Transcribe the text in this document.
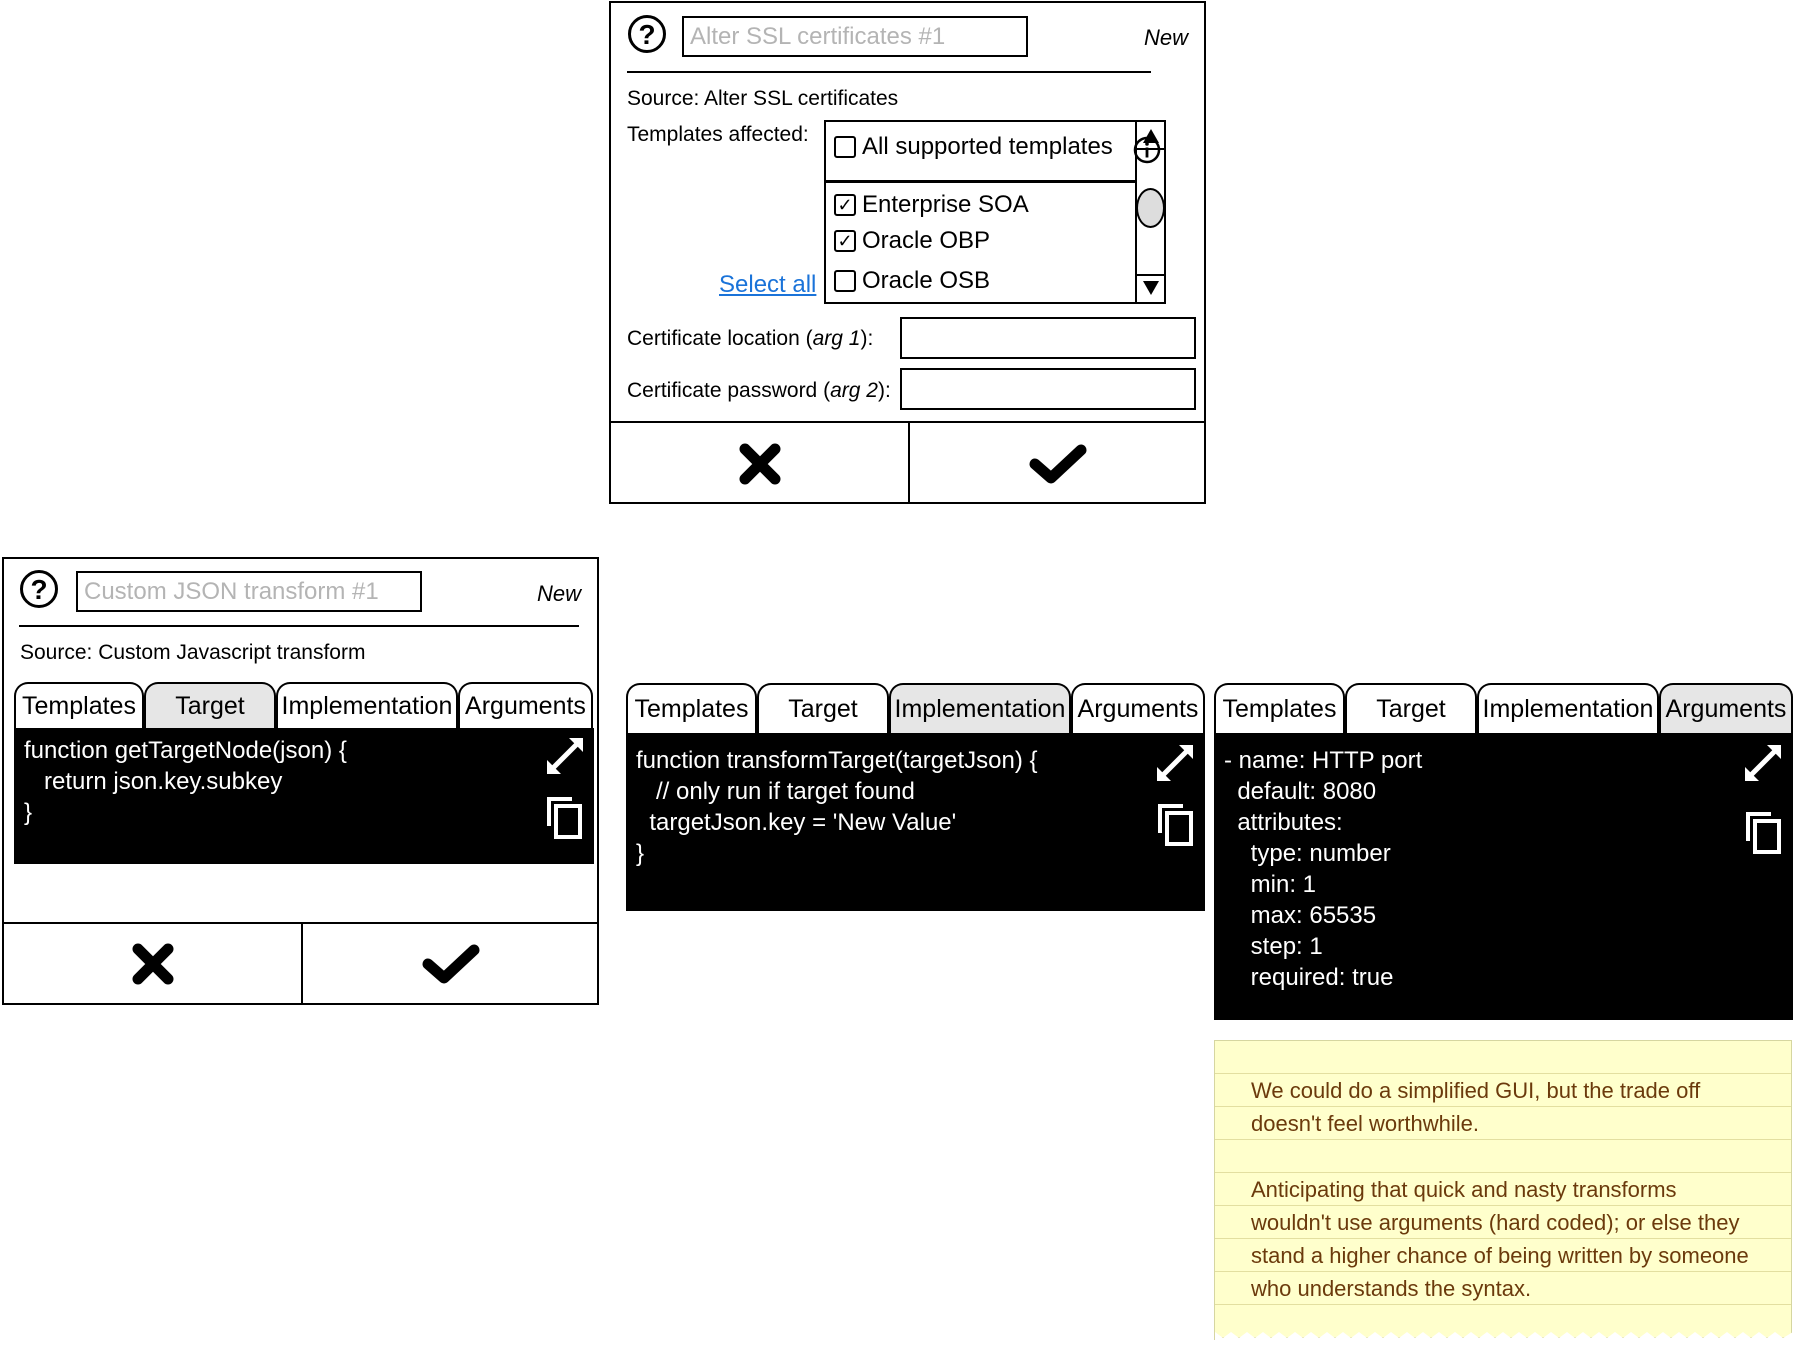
?
Alter SSL certificates #1	New
Source: Alter SSL certificates
Templates affected:
Select all
All supported templates
✓ Enterprise SOA
✓ Oracle OBP
Oracle OSB
Certificate location (arg 1):
Certificate password (arg 2):
?
Custom JSON transform #1	New
Source: Custom Javascript transform
Templates	Target	Implementation Arguments
function getTargetNode(json) {
return json.key.subkey
}
Templates	Target	Implementation Arguments
function transformTarget(targetJson) {
// only run if target found
targetJson.key = 'New Value'
}
Templates	Target	Implementation Arguments
- name: HTTP port
default: 8080
attributes:
type: number
min: 1
max: 65535
step: 1
required: true

We could do a simplified GUI, but the trade off doesn't feel worthwhile.

Anticipating that quick and nasty transforms wouldn't use arguments (hard coded); or else they stand a higher chance of being written by someone who understands the syntax.
